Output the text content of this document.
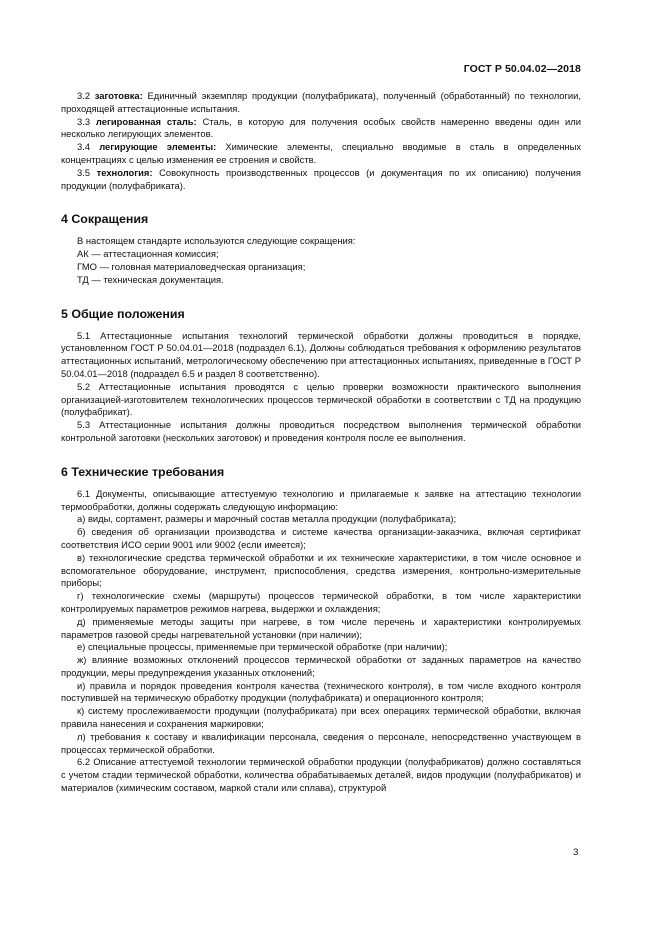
ГОСТ Р 50.04.02—2018

3.2 заготовка: Единичный экземпляр продукции (полуфабриката), полученный (обработанный) по технологии, проходящей аттестационные испытания.

3.3 легированная сталь: Сталь, в которую для получения особых свойств намеренно введены один или несколько легирующих элементов.

3.4 легирующие элементы: Химические элементы, специально вводимые в сталь в определенных концентрациях с целью изменения ее строения и свойств.

3.5 технология: Совокупность производственных процессов (и документация по их описанию) получения продукции (полуфабриката).

4 Сокращения

В настоящем стандарте используются следующие сокращения:

АК — аттестационная комиссия;

ГМО — головная материаловедческая организация;

ТД — техническая документация.

5 Общие положения

5.1 Аттестационные испытания технологий термической обработки должны проводиться в порядке, установленном ГОСТ Р 50.04.01—2018 (подраздел 6.1). Должны соблюдаться требования к оформлению результатов аттестационных испытаний, метрологическому обеспечению при аттестационных испытаниях, приведенные в ГОСТ Р 50.04.01—2018 (подраздел 6.5 и раздел 8 соответственно).

5.2 Аттестационные испытания проводятся с целью проверки возможности практического выполнения организацией-изготовителем технологических процессов термической обработки в соответствии с ТД на продукцию (полуфабрикат).

5.3 Аттестационные испытания должны проводиться посредством выполнения термической обработки контрольной заготовки (нескольких заготовок) и проведения контроля после ее выполнения.

6 Технические требования

6.1 Документы, описывающие аттестуемую технологию и прилагаемые к заявке на аттестацию технологии термообработки, должны содержать следующую информацию:

а) виды, сортамент, размеры и марочный состав металла продукции (полуфабриката);

б) сведения об организации производства и системе качества организации-заказчика, включая сертификат соответствия ИСО серии 9001 или 9002 (если имеется);

в) технологические средства термической обработки и их технические характеристики, в том числе основное и вспомогательное оборудование, инструмент, приспособления, средства измерения, контрольно-измерительные приборы;

г) технологические схемы (маршруты) процессов термической обработки, в том числе характеристики контролируемых параметров режимов нагрева, выдержки и охлаждения;

д) применяемые методы защиты при нагреве, в том числе перечень и характеристики контролируемых параметров газовой среды нагревательной установки (при наличии);

е) специальные процессы, применяемые при термической обработке (при наличии);

ж) влияние возможных отклонений процессов термической обработки от заданных параметров на качество продукции, меры предупреждения указанных отклонений;

и) правила и порядок проведения контроля качества (технического контроля), в том числе входного контроля поступившей на термическую обработку продукции (полуфабриката) и операционного контроля;

к) систему прослеживаемости продукции (полуфабриката) при всех операциях термической обработки, включая правила нанесения и сохранения маркировки;

л) требования к составу и квалификации персонала, сведения о персонале, непосредственно участвующем в процессах термической обработки.

6.2 Описание аттестуемой технологии термической обработки продукции (полуфабрикатов) должно составляться с учетом стадии термической обработки, количества обрабатываемых деталей, видов продукции (полуфабрикатов) и материалов (химическим составом, маркой стали или сплава), структурой

3
